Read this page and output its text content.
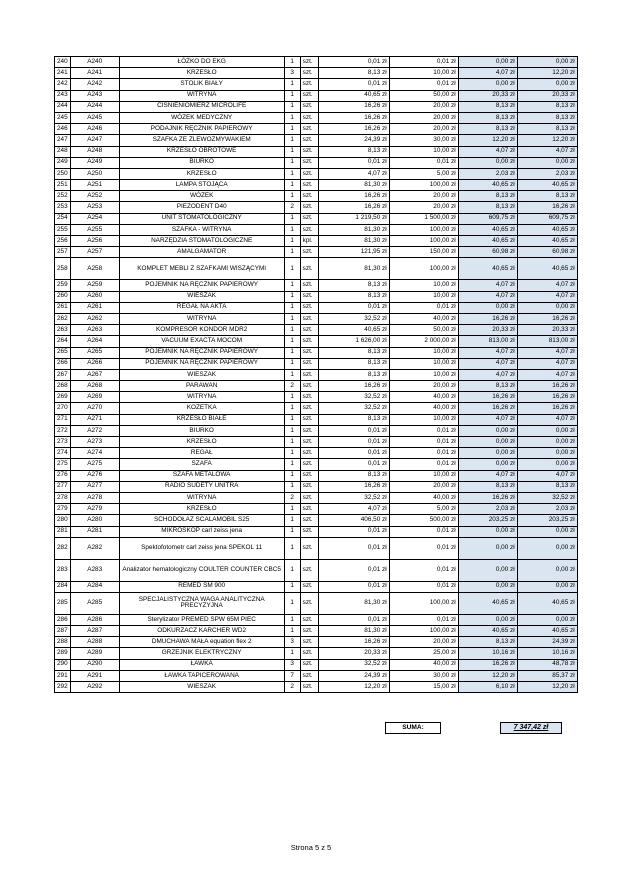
240	A240	ŁÓŻKO DO EKG	1	szt.	0,01 zł	0,01 zł	0,00 zł	0,00 zł
241	A241	KRZESŁO	3	szt.	8,13 zł	10,00 zł	4,07 zł	12,20 zł
242	A242	STOLIK BIAŁY	1	szt.	0,01 zł	0,01 zł	0,00 zł	0,00 zł
243	A243	WITRYNA	1	szt.	40,65 zł	50,00 zł	20,33 zł	20,33 zł
244	A244	CIŚNIENIOMIERZ MICROLIFE	1	szt.	16,26 zł	20,00 zł	8,13 zł	8,13 zł
245	A245	WÓZEK MEDYCZNY	1	szt.	16,26 zł	20,00 zł	8,13 zł	8,13 zł
246	A246	PODAJNIK RĘCZNIK PAPIEROWY	1	szt.	16,26 zł	20,00 zł	8,13 zł	8,13 zł
247	A247	SZAFKA ZE ZLEWOZMYWAKIEM	1	szt.	24,39 zł	30,00 zł	12,20 zł	12,20 zł
248	A248	KRZESŁO OBROTOWE	1	szt.	8,13 zł	10,00 zł	4,07 zł	4,07 zł
249	A249	BIURKO	1	szt.	0,01 zł	0,01 zł	0,00 zł	0,00 zł
250	A250	KRZESŁO	1	szt.	4,07 zł	5,00 zł	2,03 zł	2,03 zł
251	A251	LAMPA STOJĄCA	1	szt.	81,30 zł	100,00 zł	40,65 zł	40,65 zł
252	A252	WÓZEK	1	szt.	16,26 zł	20,00 zł	8,13 zł	8,13 zł
253	A253	PIEZODENT D40	2	szt.	16,26 zł	20,00 zł	8,13 zł	16,26 zł
254	A254	UNIT STOMATOLOGICZNY	1	szt.	1 219,50 zł	1 500,00 zł	609,75 zł	609,75 zł
255	A255	SZAFKA - WITRYNA	1	szt.	81,30 zł	100,00 zł	40,65 zł	40,65 zł
256	A256	NARZĘDZIA STOMATOLOGICZNE	1	kpl.	81,30 zł	100,00 zł	40,65 zł	40,65 zł
257	A257	AMALGAMATOR	1	szt.	121,95 zł	150,00 zł	60,98 zł	60,98 zł
258	A258	KOMPLET MEBLI Z SZAFKAMI WISZĄCYMI	1	szt.	81,30 zł	100,00 zł	40,65 zł	40,65 zł
259	A259	POJEMNIK NA RĘCZNIK PAPIEROWY	1	szt.	8,13 zł	10,00 zł	4,07 zł	4,07 zł
260	A260	WIESZAK	1	szt.	8,13 zł	10,00 zł	4,07 zł	4,07 zł
261	A261	REGAŁ NA AKTA	1	szt.	0,01 zł	0,01 zł	0,00 zł	0,00 zł
262	A262	WITRYNA	1	szt.	32,52 zł	40,00 zł	16,26 zł	16,26 zł
263	A263	KOMPRESOR KONDOR MDR2	1	szt.	40,65 zł	50,00 zł	20,33 zł	20,33 zł
264	A264	VACUUM EXACTA MOCOM	1	szt.	1 626,00 zł	2 000,00 zł	813,00 zł	813,00 zł
265	A265	POJEMNIK NA RĘCZNIK PAPIEROWY	1	szt.	8,13 zł	10,00 zł	4,07 zł	4,07 zł
266	A266	POJEMNIK NA RĘCZNIK PAPIEROWY	1	szt.	8,13 zł	10,00 zł	4,07 zł	4,07 zł
267	A267	WIESZAK	1	szt.	8,13 zł	10,00 zł	4,07 zł	4,07 zł
268	A268	PARAWAN	2	szt.	16,26 zł	20,00 zł	8,13 zł	16,26 zł
269	A269	WITRYNA	1	szt.	32,52 zł	40,00 zł	16,26 zł	16,26 zł
270	A270	KOZETKA	1	szt.	32,52 zł	40,00 zł	16,26 zł	16,26 zł
271	A271	KRZESŁO BIAŁE	1	szt.	8,13 zł	10,00 zł	4,07 zł	4,07 zł
272	A272	BIURKO	1	szt.	0,01 zł	0,01 zł	0,00 zł	0,00 zł
273	A273	KRZESŁO	1	szt.	0,01 zł	0,01 zł	0,00 zł	0,00 zł
274	A274	REGAŁ	1	szt.	0,01 zł	0,01 zł	0,00 zł	0,00 zł
275	A275	SZAFA	1	szt.	0,01 zł	0,01 zł	0,00 zł	0,00 zł
276	A276	SZAFA METALOWA	1	szt.	8,13 zł	10,00 zł	4,07 zł	4,07 zł
277	A277	RADIO SUDETY UNITRA	1	szt.	16,26 zł	20,00 zł	8,13 zł	8,13 zł
278	A278	WITRYNA	2	szt.	32,52 zł	40,00 zł	16,26 zł	32,52 zł
279	A279	KRZESŁO	1	szt.	4,07 zł	5,00 zł	2,03 zł	2,03 zł
280	A280	SCHODOŁAZ SCALAMOBIL S25	1	szt.	406,50 zł	500,00 zł	203,25 zł	203,25 zł
281	A281	MIKROSKOP carl zeiss jena	1	szt.	0,01 zł	0,01 zł	0,00 zł	0,00 zł
282	A282	Spektofotometr carl zeiss jena SPEKOL 11	1	szt.	0,01 zł	0,01 zł	0,00 zł	0,00 zł
283	A283	Analizator hematologiczny COULTER COUNTER CBC5	1	szt.	0,01 zł	0,01 zł	0,00 zł	0,00 zł
284	A284	REMED SM 900	1	szt.	0,01 zł	0,01 zł	0,00 zł	0,00 zł
285	A285	SPECJALISTYCZNA WAGA ANALITYCZNA PRECYZYJNA	1	szt.	81,30 zł	100,00 zł	40,65 zł	40,65 zł
286	A286	Sterylizator PREMED SPW 65M PIEC	1	szt.	0,01 zł	0,01 zł	0,00 zł	0,00 zł
287	A287	ODKURZACZ KARCHER WD2	1	szt.	81,30 zł	100,00 zł	40,65 zł	40,65 zł
288	A288	DMUCHAWA MAŁA equation flex 2	3	szt.	16,26 zł	20,00 zł	8,13 zł	24,39 zł
289	A289	GRZEJNIK ELEKTRYCZNY	1	szt.	20,33 zł	25,00 zł	10,16 zł	10,16 zł
290	A290	ŁAWKA	3	szt.	32,52 zł	40,00 zł	16,26 zł	48,78 zł
291	A291	ŁAWKA TAPICEROWANA	7	szt.	24,39 zł	30,00 zł	12,20 zł	85,37 zł
292	A292	WIESZAK	2	szt.	12,20 zł	15,00 zł	6,10 zł	12,20 zł
SUMA:	7 347,42 zł
Strona 5 z 5
